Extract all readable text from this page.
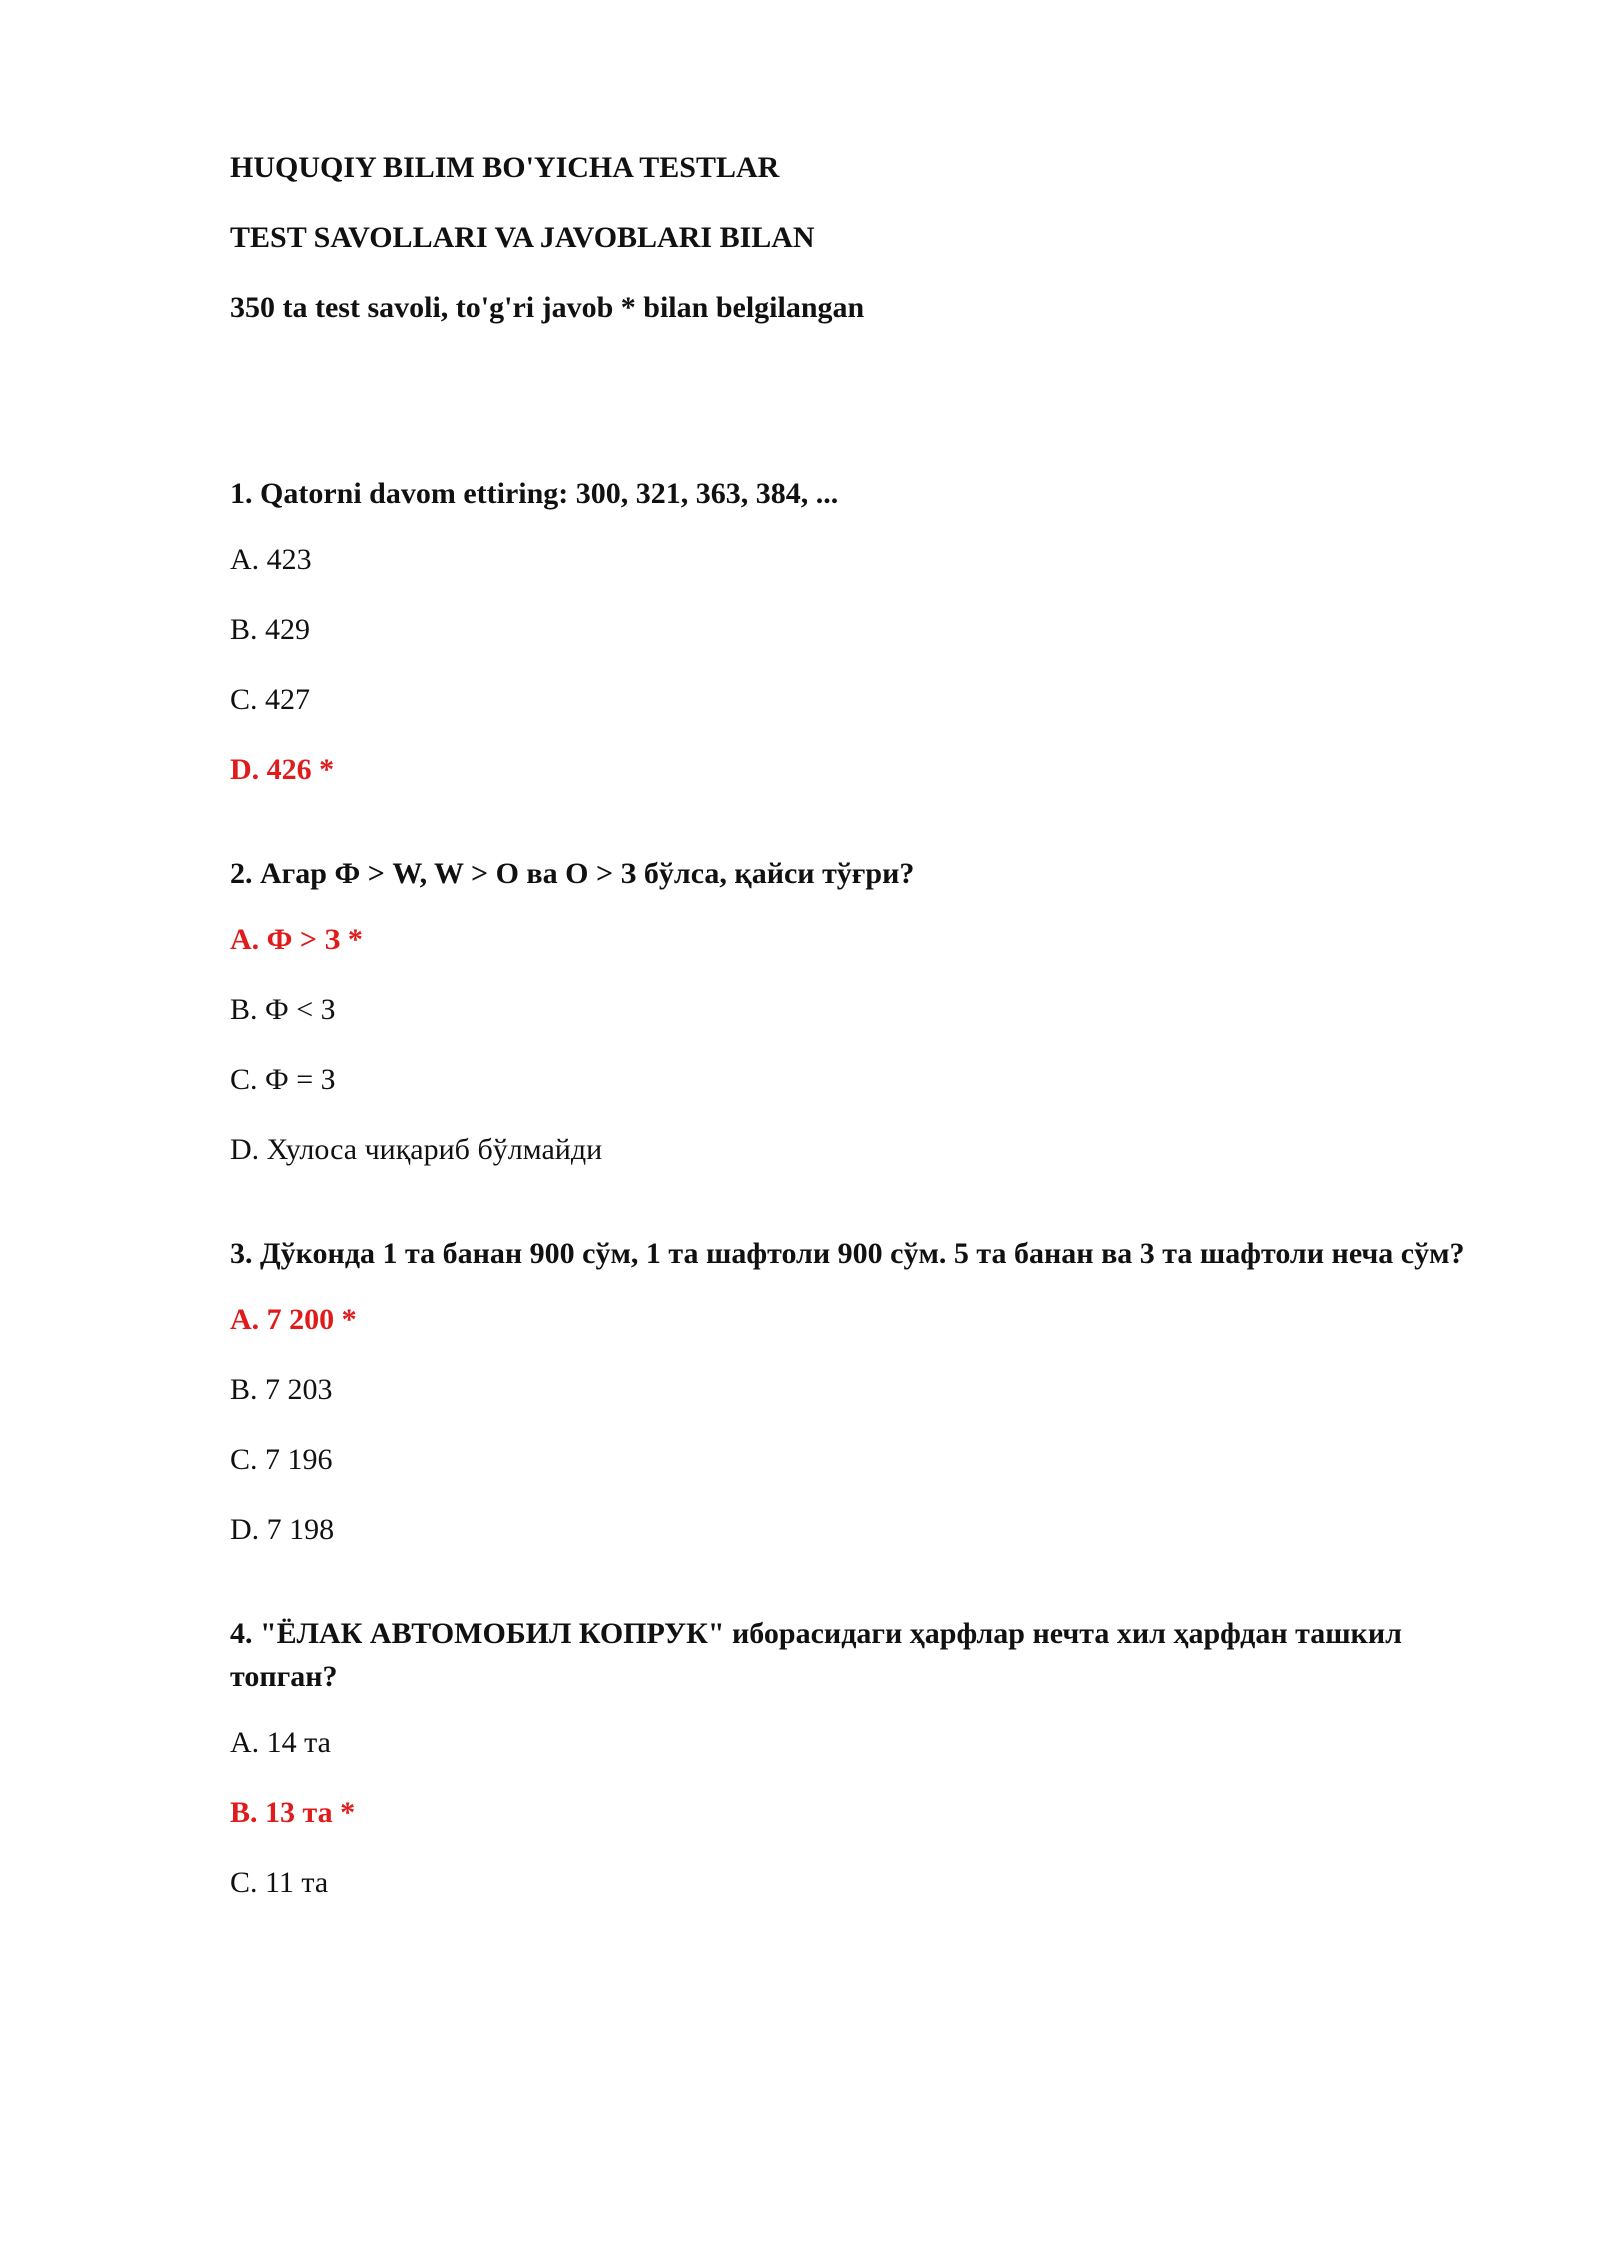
HUQUQIY BILIM BO'YICHA TESTLAR
TEST SAVOLLARI VA JAVOBLARI BILAN
350 ta test savoli, to'g'ri javob * bilan belgilangan
1. Qatorni davom ettiring: 300, 321, 363, 384, ...
A. 423
B. 429
C. 427
D. 426 *
2. Агар Ф > W, W > O ва O > З бўлса, қайси тўғри?
A. Ф > З *
B. Ф < З
C. Ф = З
D. Хулоса чиқариб бўлмайди
3. Дўконда 1 та банан 900 сўм, 1 та шафтоли 900 сўм. 5 та банан ва 3 та шафтоли неча сўм?
A. 7 200 *
B. 7 203
C. 7 196
D. 7 198
4. "ЁЛАК АВТОМОБИЛ КОПРУК" иборасидаги ҳарфлар нечта хил ҳарфдан ташкил топган?
A. 14 та
B. 13 та *
C. 11 та
